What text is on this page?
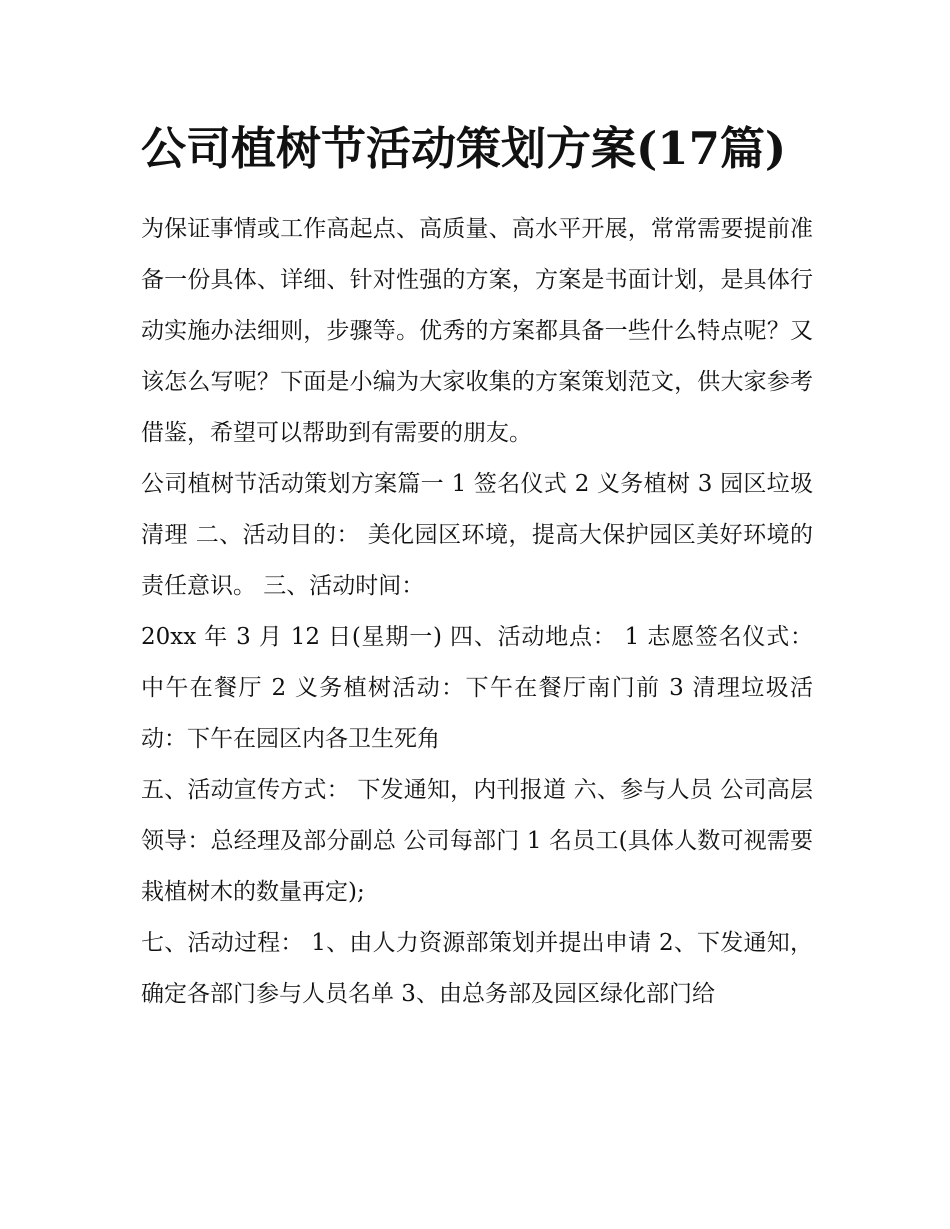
公司植树节活动策划方案(17篇)

为保证事情或工作高起点、高质量、高水平开展，常常需要提前准备一份具体、详细、针对性强的方案，方案是书面计划，是具体行动实施办法细则，步骤等。优秀的方案都具备一些什么特点呢？又该怎么写呢？下面是小编为大家收集的方案策划范文，供大家参考借鉴，希望可以帮助到有需要的朋友。

公司植树节活动策划方案篇一 1 签名仪式 2 义务植树 3 园区垃圾清理 二、活动目的： 美化园区环境，提高大保护园区美好环境的责任意识。 三、活动时间：

20xx 年 3 月 12 日(星期一) 四、活动地点： 1 志愿签名仪式：中午在餐厅 2 义务植树活动：下午在餐厅南门前 3 清理垃圾活动：下午在园区内各卫生死角

五、活动宣传方式： 下发通知，内刊报道 六、参与人员 公司高层领导：总经理及部分副总 公司每部门 1 名员工(具体人数可视需要栽植树木的数量再定);

七、活动过程： 1、由人力资源部策划并提出申请 2、下发通知，确定各部门参与人员名单 3、由总务部及园区绿化部门给
